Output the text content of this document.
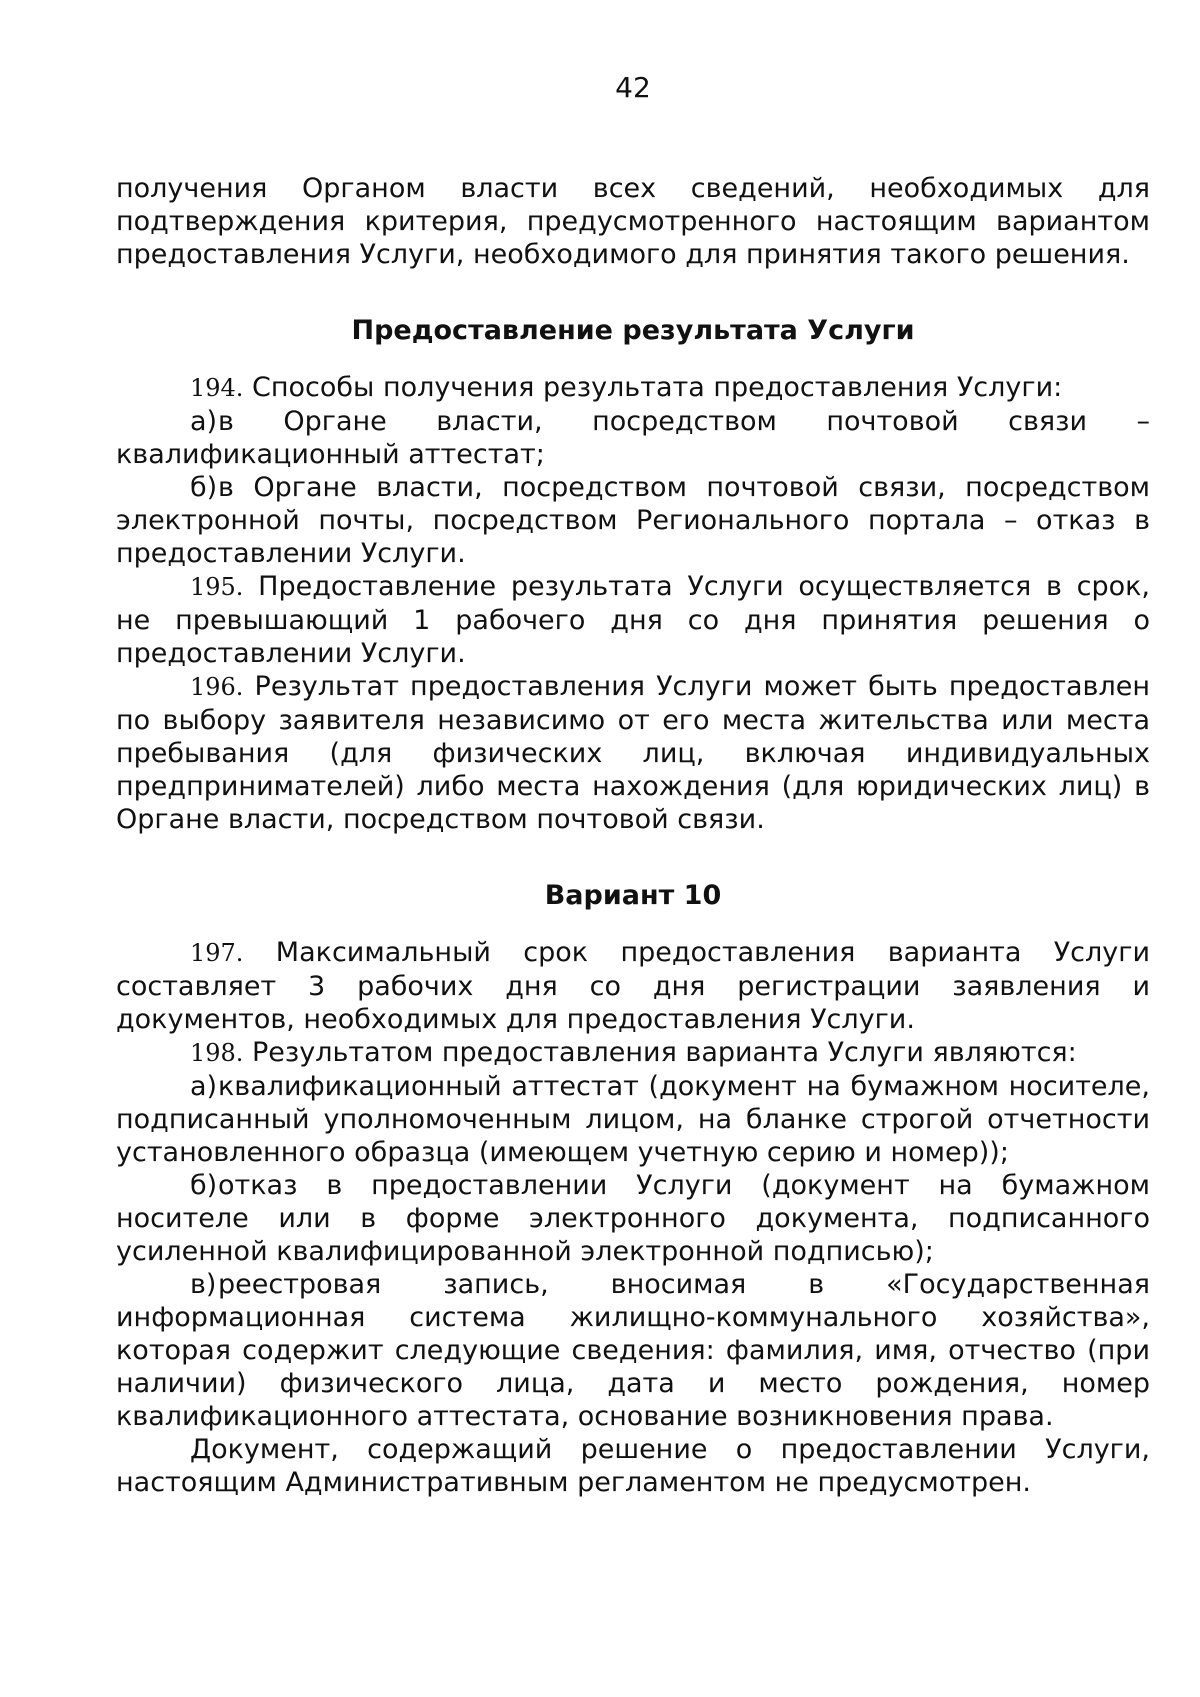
42

получения Органом власти всех сведений, необходимых для подтверждения критерия, предусмотренного настоящим вариантом предоставления Услуги, необходимого для принятия такого решения.

Предоставление результата Услуги

194. Способы получения результата предоставления Услуги:

а)в Органе власти, посредством почтовой связи – квалификационный аттестат;

б)в Органе власти, посредством почтовой связи, посредством электронной почты, посредством Регионального портала – отказ в предоставлении Услуги.

195. Предоставление результата Услуги осуществляется в срок, не превышающий 1 рабочего дня со дня принятия решения о предоставлении Услуги.

196. Результат предоставления Услуги может быть предоставлен по выбору заявителя независимо от его места жительства или места пребывания (для физических лиц, включая индивидуальных предпринимателей) либо места нахождения (для юридических лиц) в Органе власти, посредством почтовой связи.

Вариант 10

197. Максимальный срок предоставления варианта Услуги составляет 3 рабочих дня со дня регистрации заявления и документов, необходимых для предоставления Услуги.

198. Результатом предоставления варианта Услуги являются:

а)квалификационный аттестат (документ на бумажном носителе, подписанный уполномоченным лицом, на бланке строгой отчетности установленного образца (имеющем учетную серию и номер));

б)отказ в предоставлении Услуги (документ на бумажном носителе или в форме электронного документа, подписанного усиленной квалифицированной электронной подписью);

в)реестровая запись, вносимая в «Государственная информационная система жилищно-коммунального хозяйства», которая содержит следующие сведения: фамилия, имя, отчество (при наличии) физического лица, дата и место рождения, номер квалификационного аттестата, основание возникновения права.

Документ, содержащий решение о предоставлении Услуги, настоящим Административным регламентом не предусмотрен.
